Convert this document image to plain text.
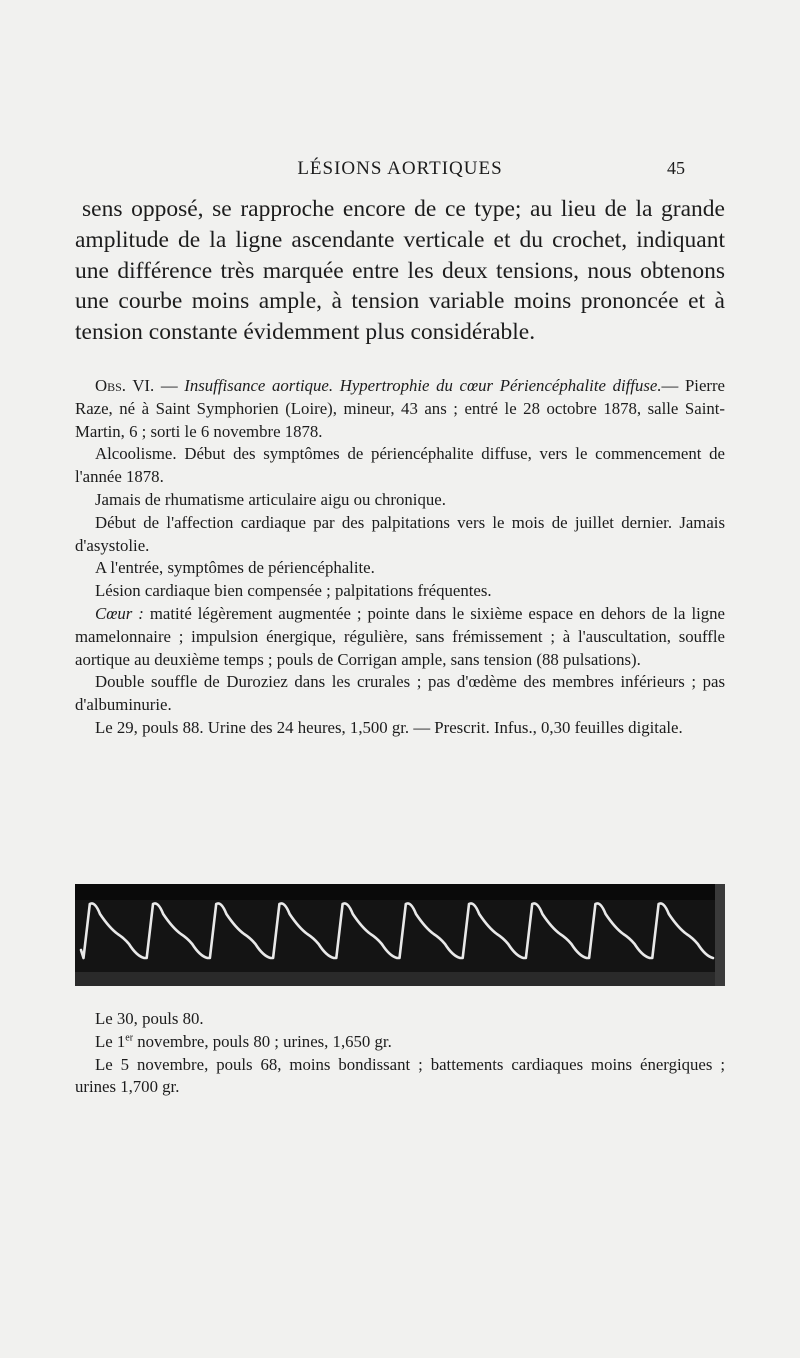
LÉSIONS AORTIQUES	45

sens opposé, se rapproche encore de ce type; au lieu de la grande amplitude de la ligne ascendante verticale et du crochet, indiquant une différence très marquée entre les deux tensions, nous obtenons une courbe moins ample, à tension variable moins prononcée et à tension constante évidemment plus considérable.

Obs. VI. — Insuffisance aortique. Hypertrophie du cœur Périencéphalite diffuse.— Pierre Raze, né à Saint Symphorien (Loire), mineur, 43 ans ; entré le 28 octobre 1878, salle Saint-Martin, 6 ; sorti le 6 novembre 1878.

Alcoolisme. Début des symptômes de périencéphalite diffuse, vers le commencement de l'année 1878.

Jamais de rhumatisme articulaire aigu ou chronique.

Début de l'affection cardiaque par des palpitations vers le mois de juillet dernier. Jamais d'asystolie.

A l'entrée, symptômes de périencéphalite.

Lésion cardiaque bien compensée ; palpitations fréquentes.

Cœur : matité légèrement augmentée ; pointe dans le sixième espace en dehors de la ligne mamelonnaire ; impulsion énergique, régulière, sans frémissement ; à l'auscultation, souffle aortique au deuxième temps ; pouls de Corrigan ample, sans tension (88 pulsations).

Double souffle de Duroziez dans les crurales ; pas d'œdème des membres inférieurs ; pas d'albuminurie.

Le 29, pouls 88. Urine des 24 heures, 1,500 gr. — Prescrit. Infus., 0,30 feuilles digitale.

Le 30, pouls 80.

Le 1er novembre, pouls 80 ; urines, 1,650 gr.

Le 5 novembre, pouls 68, moins bondissant ; battements cardiaques moins énergiques ; urines 1,700 gr.
